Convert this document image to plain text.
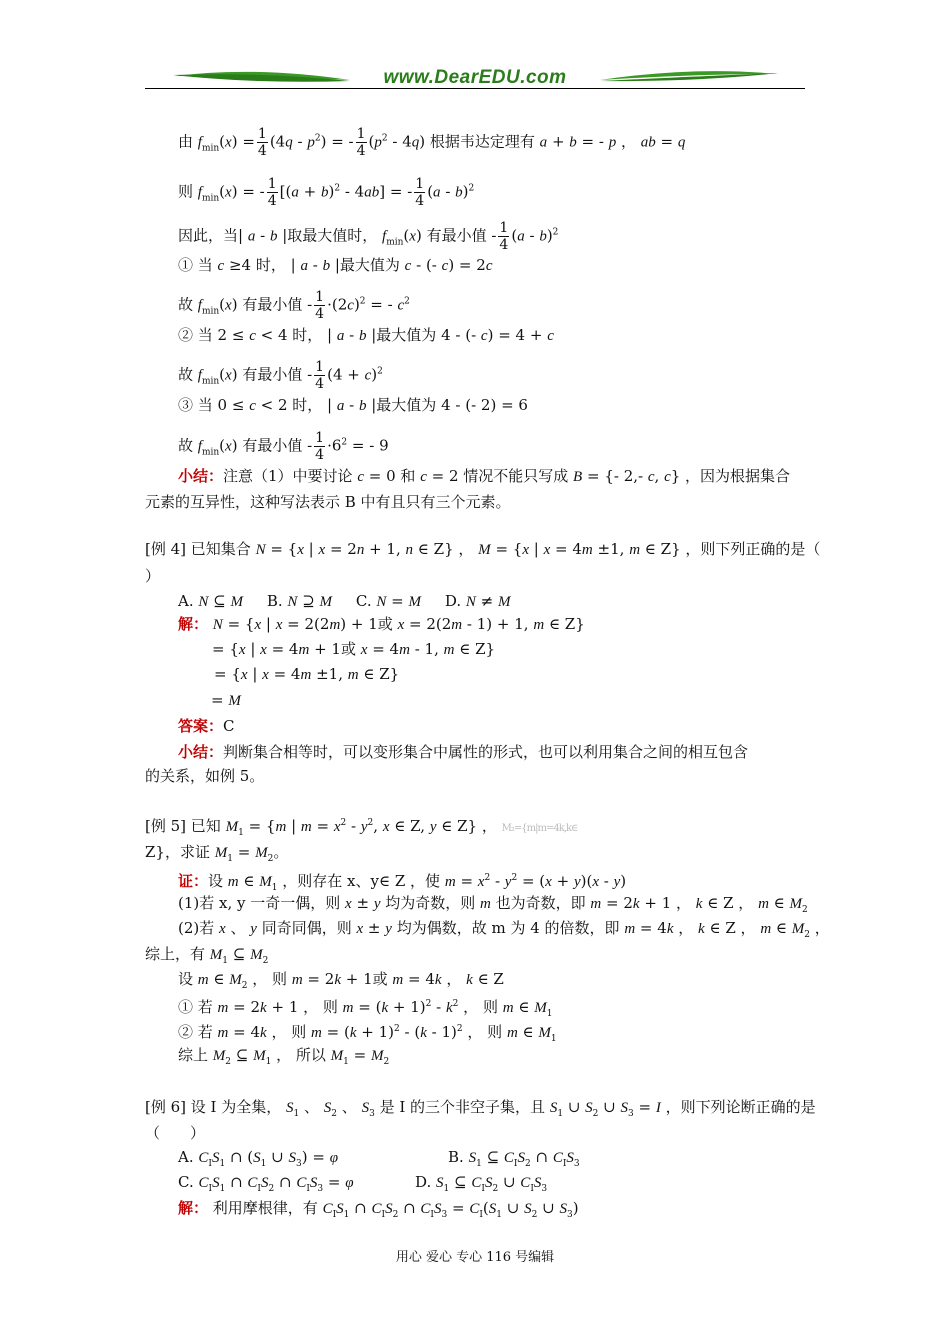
www.DearEDU.com
由 $f_{min}(x) = \frac{1}{4} (4q - p^2)$ = - $\frac{1}{4} (p^2 - 4q)$ 根据韦达定理有 a + b = - p ， ab = q
则 $f_{min}(x)$ = - $\frac{1}{4} [(a + b)^2 - 4ab]$ = - $\frac{1}{4} (a - b)^2$
因此，当| a - b |取最大值时， $f_{min}(x)$ 有最小值 - $\frac{1}{4} (a - b)^2$
① 当 c ≥4 时， | a - b |最大值为 c - (- c) = 2c
故 $f_{min}(x)$ 有最小值 - $\frac{1}{4} \cdot(2c)^2$ = - $c^2$
② 当 2 ≤ c < 4 时， | a - b |最大值为 4 - (- c) = 4 + c
故 $f_{min}(x)$ 有最小值 - $\frac{1}{4} (4 + c)^2$
③ 当 0 ≤ c < 2 时， | a - b |最大值为 4 - (- 2) = 6
故 $f_{min}(x)$ 有最小值 - $\frac{1}{4} \cdot 6^2$ = - 9
小结：注意（1）中要讨论 c = 0 和 c = 2 情况不能只写成 B = {- 2,- c, c} ，因为根据集合
元素的互异性，这种写法表示 B 中有且只有三个元素。
[例 4] 已知集合 N = {x | x = 2n + 1, n ∈ Z} ， M = {x | x = 4m ±1, m ∈ Z} ，则下列正确的是（
）
A. N ⊆ M     B. N ⊇ M     C. N = M     D. N ≠ M
解： N = {x | x = 2(2m) + 1或 x = 2(2m - 1) + 1, m ∈ Z}
= {x | x = 4m + 1或 x = 4m - 1, m ∈ Z}
= {x | x = 4m ±1, m ∈ Z}
= M
答案：C
小结：判断集合相等时，可以变形集合中属性的形式，也可以利用集合之间的相互包含
的关系，如例 5。
[例 5] 已知 $M_1 = \{m$ | $m = x^2 - y^2$, x ∈ Z, y ∈ Z} ， M₂={m|m=4k,k∈
Z}，求证 $M_1 = M_2$。
证：设 m ∈ $M_1$ ，则存在 x、y∈ Z ，使 $m = x^2 - y^2 = (x + y)(x - y)$
(1)若 x, y 一奇一偶，则 x ± y 均为奇数，则 m 也为奇数，即 m = 2k + 1 ， k ∈ Z ， m ∈ $M_2$
(2)若 x 、 y 同奇同偶，则 x ± y 均为偶数，故 m 为 4 的倍数，即 m = 4k ， k ∈ Z ， m ∈ $M_2$ ，
综上，有 $M_1$ ⊆ $M_2$
设 m ∈ $M_2$ ， 则 m = 2k + 1或 m = 4k ， k ∈ Z
① 若 m = 2k + 1 ， 则 $m = (k + 1)^2 - k^2$ ， 则 m ∈ $M_1$
② 若 m = 4k ， 则 $m = (k + 1)^2 - (k - 1)^2$ ， 则 m ∈ $M_1$
综上 $M_2$ ⊆ $M_1$ ， 所以 $M_1 = M_2$
[例 6] 设 I 为全集， $S_1$ 、 $S_2$ 、 $S_3$ 是 I 的三个非空子集，且 $S_1$ ∪ $S_2$ ∪ $S_3 = I$ ，则下列论断正确的是
（　　）
A. $C_IS_1$ ∩ ($S_1$ ∪ $S_3) = \varphi$	B. $S_1$ ⊆ $C_IS_2$ ∩ $C_IS_3$
C. $C_IS_1$ ∩ $C_IS_2$ ∩ $C_IS_3 = \varphi$	D. $S_1$ ⊆ $C_IS_2$ ∪ $C_IS_3$
解： 利用摩根律，有 $C_IS_1$ ∩ $C_IS_2$ ∩ $C_IS_3 = C_I(S_1$ ∪ $S_2$ ∪ $S_3$)
用心 爱心 专心 116 号编辑
